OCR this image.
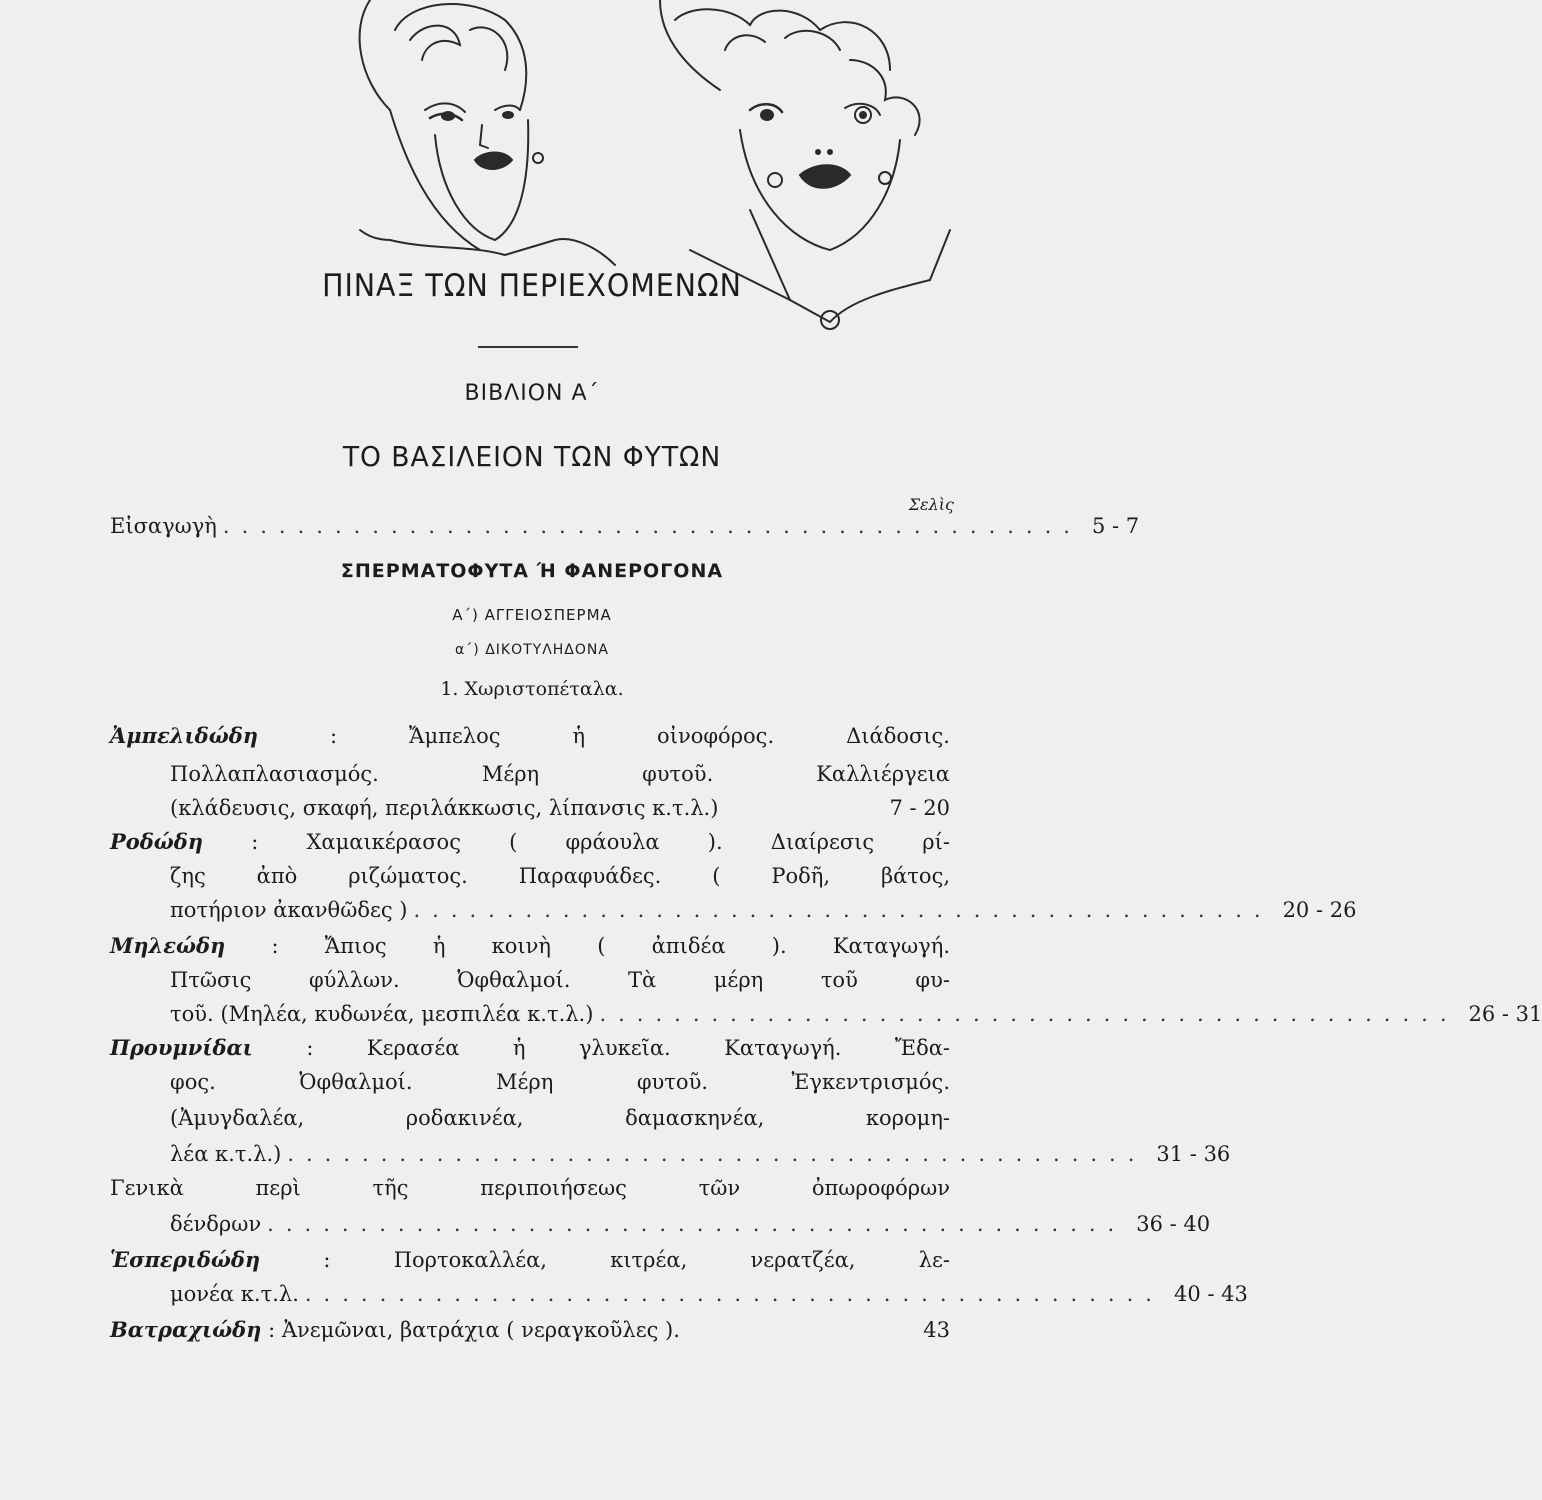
ΠΙΝΑΞ ΤΩΝ ΠΕΡΙΕΧΟΜΕΝΩΝ
ΒΙΒΛΙΟΝ Α΄
ΤΟ ΒΑΣΙΛΕΙΟΝ ΤΩΝ ΦΥΤΩΝ
Σελὶς
Εἰσαγωγὴ .............................................. 5 - 7
ΣΠΕΡΜΑΤΟΦΥΤΑ Ή ΦΑΝΕΡΟΓΟΝΑ
Α΄) ΑΓΓΕΙΟΣΠΕΡΜΑ
α΄) ΔΙΚΟΤΥΛΗΔΟΝΑ
1. Χωριστοπέταλα.
Ἀμπελιδώδη	: Ἄμπελος ἡ οἰνοφόρος. Διάδοσις.
Πολλαπλασιασμός. Μέρη φυτοῦ. Καλλιέργεια
(κλάδευσις, σκαφή, περιλάκκωσις, λίπανσις κ.τ.λ.)	7 - 20
Ροδώδη : Χαμαικέρασος ( φράουλα ). Διαίρεσις ρί-
ζης ἀπὸ ριζώματος. Παραφυάδες. ( Ροδῆ, βάτος,
ποτήριον ἀκανθῶδες ) .............................................. 20 - 26
Μηλεώδη : Ἄπιος ἡ κοινὴ ( ἀπιδέα ). Καταγωγή.
Πτῶσις φύλλων. Ὀφθαλμοί. Τὰ μέρη τοῦ φυ-
τοῦ. (Μηλέα, κυδωνέα, μεσπιλέα κ.τ.λ.) .............................................. 26 - 31
Προυμνίδαι	: Κερασέα ἡ γλυκεῖα. Καταγωγή. Ἔδα-
φος. Ὀφθαλμοί. Μέρη φυτοῦ. Ἐγκεντρισμός.
(Ἀμυγδαλέα, ροδακινέα, δαμασκηνέα, κορομη-
λέα κ.τ.λ.) .............................................. 31 - 36
Γενικὰ περὶ τῆς περιποιήσεως τῶν ὀπωροφόρων
δένδρων .............................................. 36 - 40
Ἑσπεριδώδη	: Πορτοκαλλέα, κιτρέα, νερατζέα, λε-
μονέα κ.τ.λ. .............................................. 40 - 43
Βατραχιώδη : Ἀνεμῶναι, βατράχια ( νεραγκοῦλες ).	43
